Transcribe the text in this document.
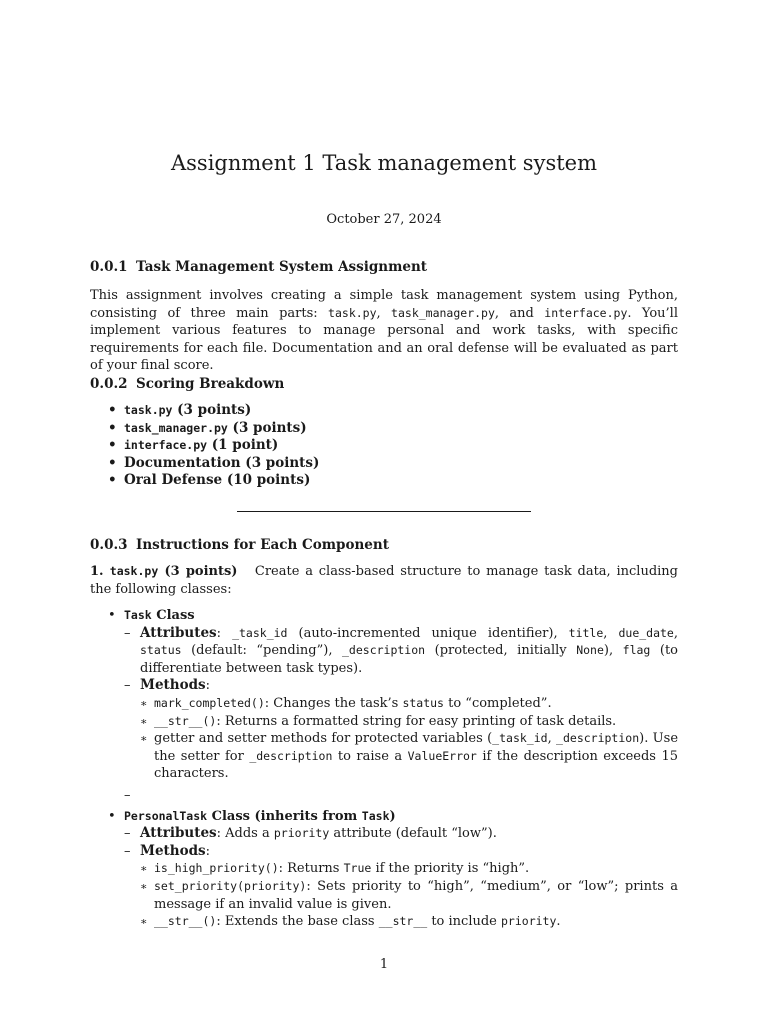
Assignment 1 Task management system
October 27, 2024
0.0.1 Task Management System Assignment
This assignment involves creating a simple task management system using Python, consisting of three main parts: task.py, task_manager.py, and interface.py. You’ll implement various features to manage personal and work tasks, with specific requirements for each file. Documentation and an oral defense will be evaluated as part of your final score.
0.0.2 Scoring Breakdown
• task.py (3 points)
• task_manager.py (3 points)
• interface.py (1 point)
• Documentation (3 points)
• Oral Defense (10 points)
0.0.3 Instructions for Each Component
1. task.py (3 points) Create a class-based structure to manage task data, including the following classes:
• Task Class
– Attributes: _task_id (auto-incremented unique identifier), title, due_date, status (default: “pending”), _description (protected, initially None), flag (to differentiate between task types).
– Methods:
∗ mark_completed(): Changes the task’s status to “completed”.
∗ __str__(): Returns a formatted string for easy printing of task details.
∗ getter and setter methods for protected variables (_task_id, _description). Use the setter for _description to raise a ValueError if the description exceeds 15 characters.
–

• PersonalTask Class (inherits from Task)
– Attributes: Adds a priority attribute (default “low”).
– Methods:
∗ is_high_priority(): Returns True if the priority is “high”.
∗ set_priority(priority): Sets priority to “high”, “medium”, or “low”; prints a message if an invalid value is given.
∗ __str__(): Extends the base class __str__ to include priority.
1
